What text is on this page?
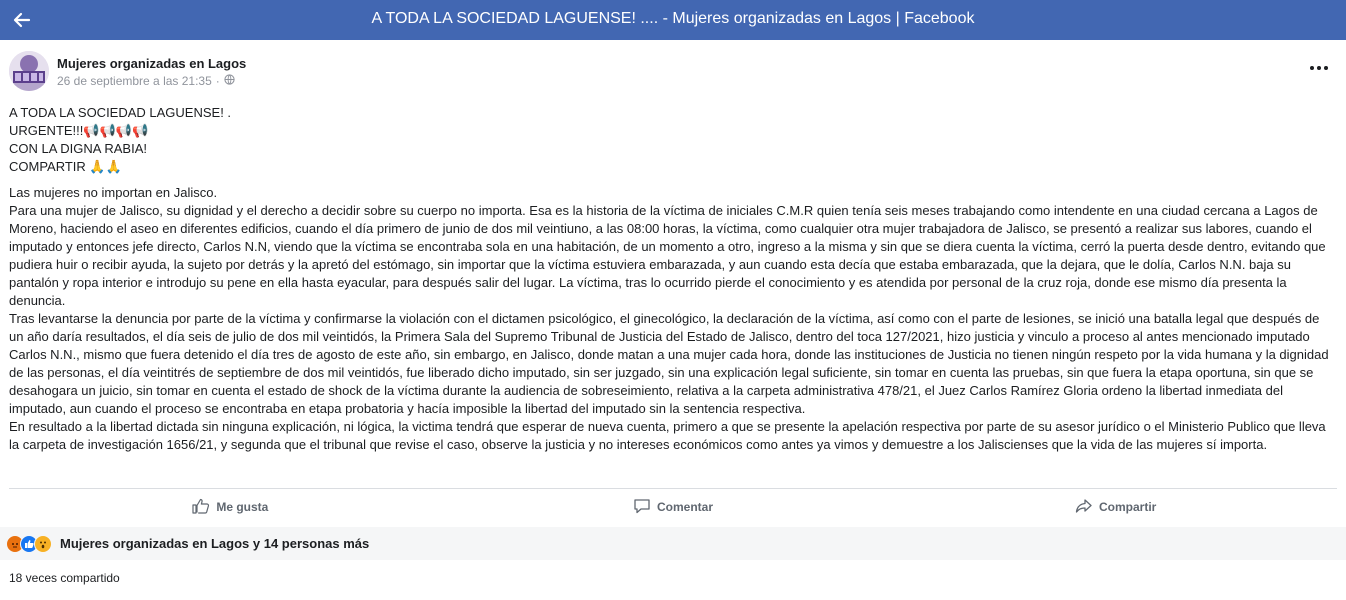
A TODA LA SOCIEDAD LAGUENSE! .... - Mujeres organizadas en Lagos | Facebook
Mujeres organizadas en Lagos
26 de septiembre a las 21:35 ·
A TODA LA SOCIEDAD LAGUENSE! .
URGENTE!!!📢📢📢📢
CON LA DIGNA RABIA!
COMPARTIR 🙏🙏
Las mujeres no importan en Jalisco.
Para una mujer de Jalisco, su dignidad y el derecho a decidir sobre su cuerpo no importa. Esa es la historia de la víctima de iniciales C.M.R quien tenía seis meses trabajando como intendente en una ciudad cercana a Lagos de Moreno, haciendo el aseo en diferentes edificios, cuando el día primero de junio de dos mil veintiuno, a las 08:00 horas, la víctima, como cualquier otra mujer trabajadora de Jalisco, se presentó a realizar sus labores, cuando el imputado y entonces jefe directo, Carlos N.N, viendo que la víctima se encontraba sola en una habitación, de un momento a otro, ingreso a la misma y sin que se diera cuenta la víctima, cerró la puerta desde dentro, evitando que pudiera huir o recibir ayuda, la sujeto por detrás y la apretó del estómago, sin importar que la víctima estuviera embarazada, y aun cuando esta decía que estaba embarazada, que la dejara, que le dolía, Carlos N.N. baja su pantalón y ropa interior e introdujo su pene en ella hasta eyacular, para después salir del lugar. La víctima, tras lo ocurrido pierde el conocimiento y es atendida por personal de la cruz roja, donde ese mismo día presenta la denuncia.
Tras levantarse la denuncia por parte de la víctima y confirmarse la violación con el dictamen psicológico, el ginecológico, la declaración de la víctima, así como con el parte de lesiones, se inició una batalla legal que después de un año daría resultados, el día seis de julio de dos mil veintidós, la Primera Sala del Supremo Tribunal de Justicia del Estado de Jalisco, dentro del toca 127/2021, hizo justicia y vinculo a proceso al antes mencionado imputado Carlos N.N., mismo que fuera detenido el día tres de agosto de este año, sin embargo, en Jalisco, donde matan a una mujer cada hora, donde las instituciones de Justicia no tienen ningún respeto por la vida humana y la dignidad de las personas, el día veintitrés de septiembre de dos mil veintidós, fue liberado dicho imputado, sin ser juzgado, sin una explicación legal suficiente, sin tomar en cuenta las pruebas, sin que fuera la etapa oportuna, sin que se desahogara un juicio, sin tomar en cuenta el estado de shock de la víctima durante la audiencia de sobreseimiento, relativa a la carpeta administrativa 478/21, el Juez Carlos Ramírez Gloria ordeno la libertad inmediata del imputado, aun cuando el proceso se encontraba en etapa probatoria y hacía imposible la libertad del imputado sin la sentencia respectiva.
En resultado a la libertad dictada sin ninguna explicación, ni lógica, la victima tendrá que esperar de nueva cuenta, primero a que se presente la apelación respectiva por parte de su asesor jurídico o el Ministerio Publico que lleva la carpeta de investigación 1656/21, y segunda que el tribunal que revise el caso, observe la justicia y no intereses económicos como antes ya vimos y demuestre a los Jaliscienses que la vida de las mujeres sí importa.
Me gusta	Comentar	Compartir
Mujeres organizadas en Lagos y 14 personas más
18 veces compartido
